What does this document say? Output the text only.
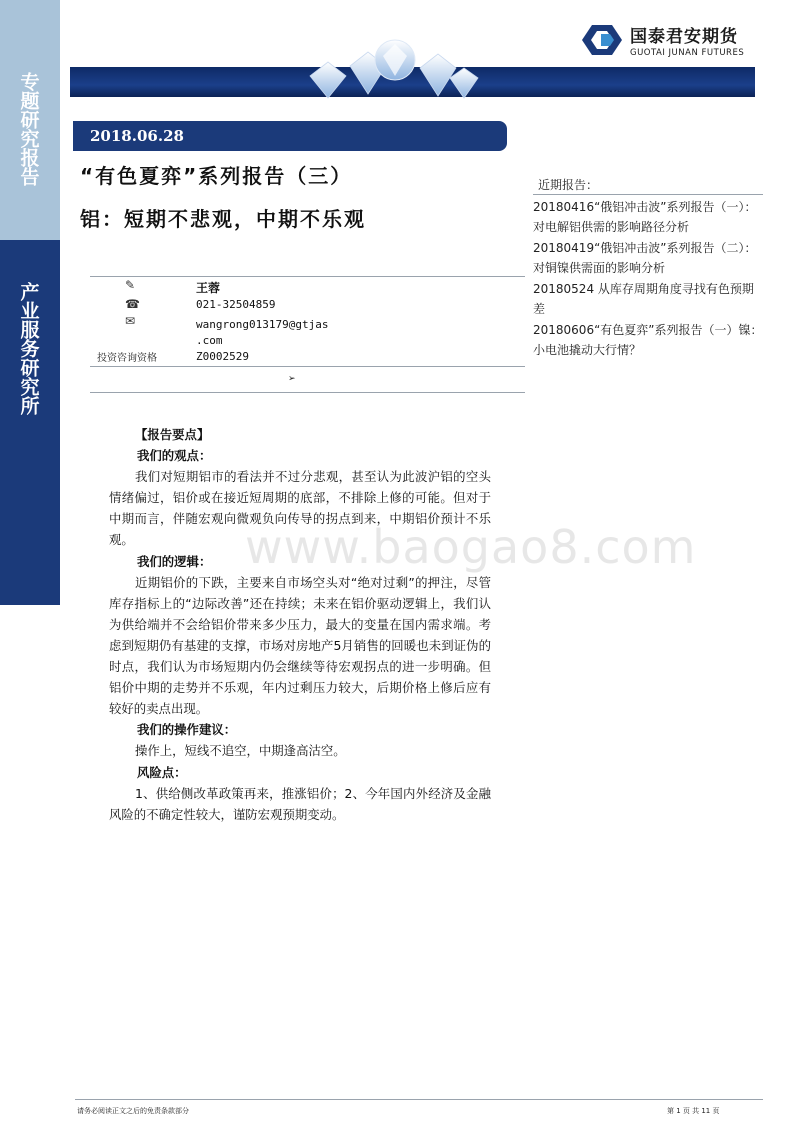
专题研究报告
产业服务研究所
国泰君安期货
GUOTAI JUNAN FUTURES
2018.06.28
“有色夏弈”系列报告（三）
铝：短期不悲观，中期不乐观
✎	王蓉
☎	021-32504859
✉	wangrong013179@gtjas
.com
投资咨询资格	Z0002529
➢
近期报告：
20180416“俄铝冲击波”系列报告（一）：对电解铝供需的影响路径分析
20180419“俄铝冲击波”系列报告（二）：对铜镍供需面的影响分析
20180524 从库存周期角度寻找有色预期差
20180606“有色夏弈”系列报告（一）镍：小电池撬动大行情？
www.baogao8.com
【报告要点】
我们的观点：

我们对短期铝市的看法并不过分悲观，甚至认为此波沪铝的空头情绪偏过，铝价或在接近短周期的底部，不排除上修的可能。但对于中期而言，伴随宏观向微观负向传导的拐点到来，中期铝价预计不乐观。

我们的逻辑：

近期铝价的下跌，主要来自市场空头对“绝对过剩”的押注，尽管库存指标上的“边际改善”还在持续；未来在铝价驱动逻辑上，我们认为供给端并不会给铝价带来多少压力，最大的变量在国内需求端。考虑到短期仍有基建的支撑，市场对房地产5月销售的回暖也未到证伪的时点，我们认为市场短期内仍会继续等待宏观拐点的进一步明确。但铝价中期的走势并不乐观，年内过剩压力较大，后期价格上修后应有较好的卖点出现。

我们的操作建议：

操作上，短线不追空，中期逢高沽空。

风险点：

1、供给侧改革政策再来，推涨铝价；2、今年国内外经济及金融风险的不确定性较大，谨防宏观预期变动。

请务必阅读正文之后的免责条款部分	第 1 页 共 11 页
